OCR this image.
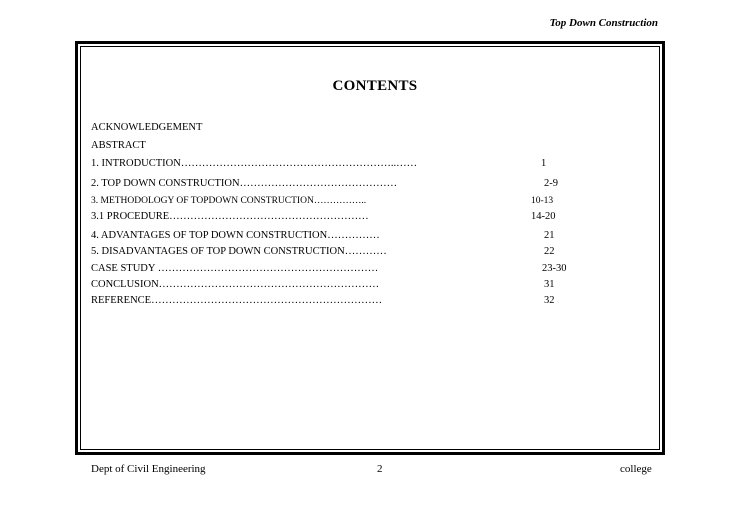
Top Down Construction
CONTENTS
ACKNOWLEDGEMENT
ABSTRACT
1. INTRODUCTION……………………………………………………..……	1
2. TOP DOWN CONSTRUCTION………………………………………	2-9
3. METHODOLOGY OF TOPDOWN CONSTRUCTION……………..	10-13
3.1 PROCEDURE…………………………………………………	14-20
4. ADVANTAGES OF TOP DOWN CONSTRUCTION……………	21
5. DISADVANTAGES OF TOP DOWN CONSTRUCTION…………	22
CASE STUDY ………………………………………………………	23-30
CONCLUSION………………………………………………………	31
REFERENCE…………………………………………………………	32
Dept of Civil Engineering	2	college
